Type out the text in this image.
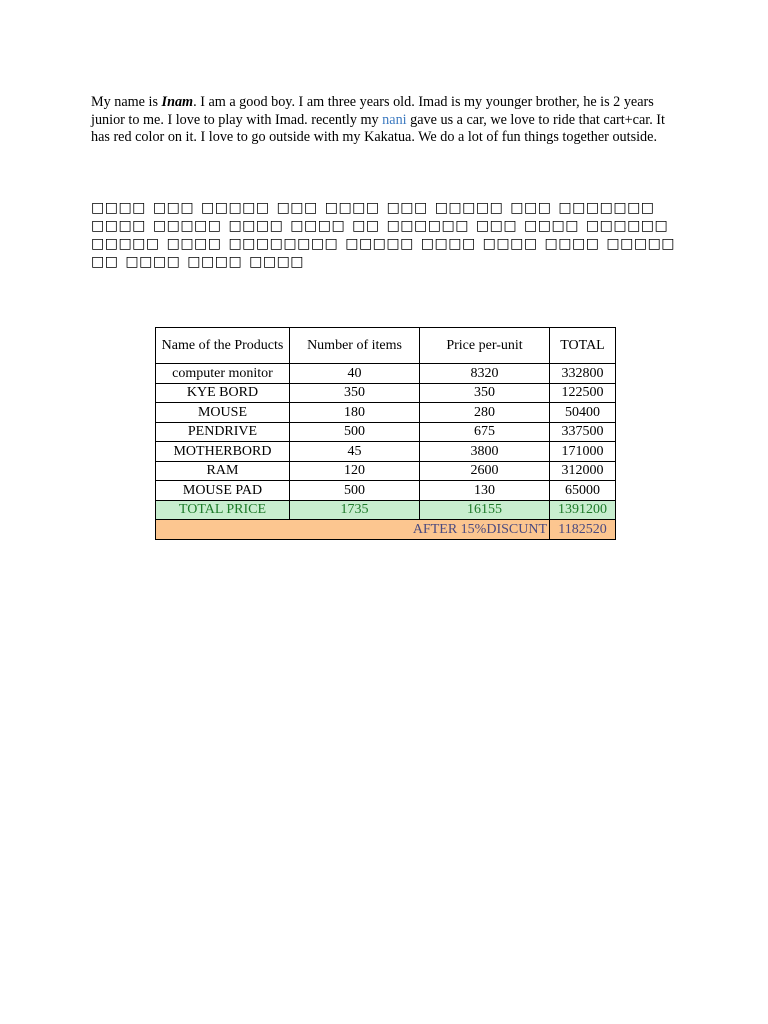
My name is Inam. I am a good boy. I am three years old. Imad is my younger brother, he is 2 years junior to me. I love to play with Imad. recently my nani gave us a car, we love to ride that cart+car. It has red color on it. I love to go outside with my Kakatua. We do a lot of fun things together outside.

□□□□ □□□ □□□□□ □□□ □□□□ □□□ □□□□□ □□□ □□□□□□□ □□□□ □□□□□ □□□□ □□□□ □□ □□□□□□ □□□ □□□□ □□□□□□ □□□□□ □□□□ □□□□□□□□ □□□□□ □□□□ □□□□ □□□□ □□□□□ □□ □□□□ □□□□ □□□□

Name of the Products	Number of items	Price per-unit	TOTAL
computer monitor	40	8320	332800
KYE BORD	350	350	122500
MOUSE	180	280	50400
PENDRIVE	500	675	337500
MOTHERBORD	45	3800	171000
RAM	120	2600	312000
MOUSE PAD	500	130	65000
TOTAL PRICE	1735	16155	1391200
AFTER 15%DISCUNT			1182520
